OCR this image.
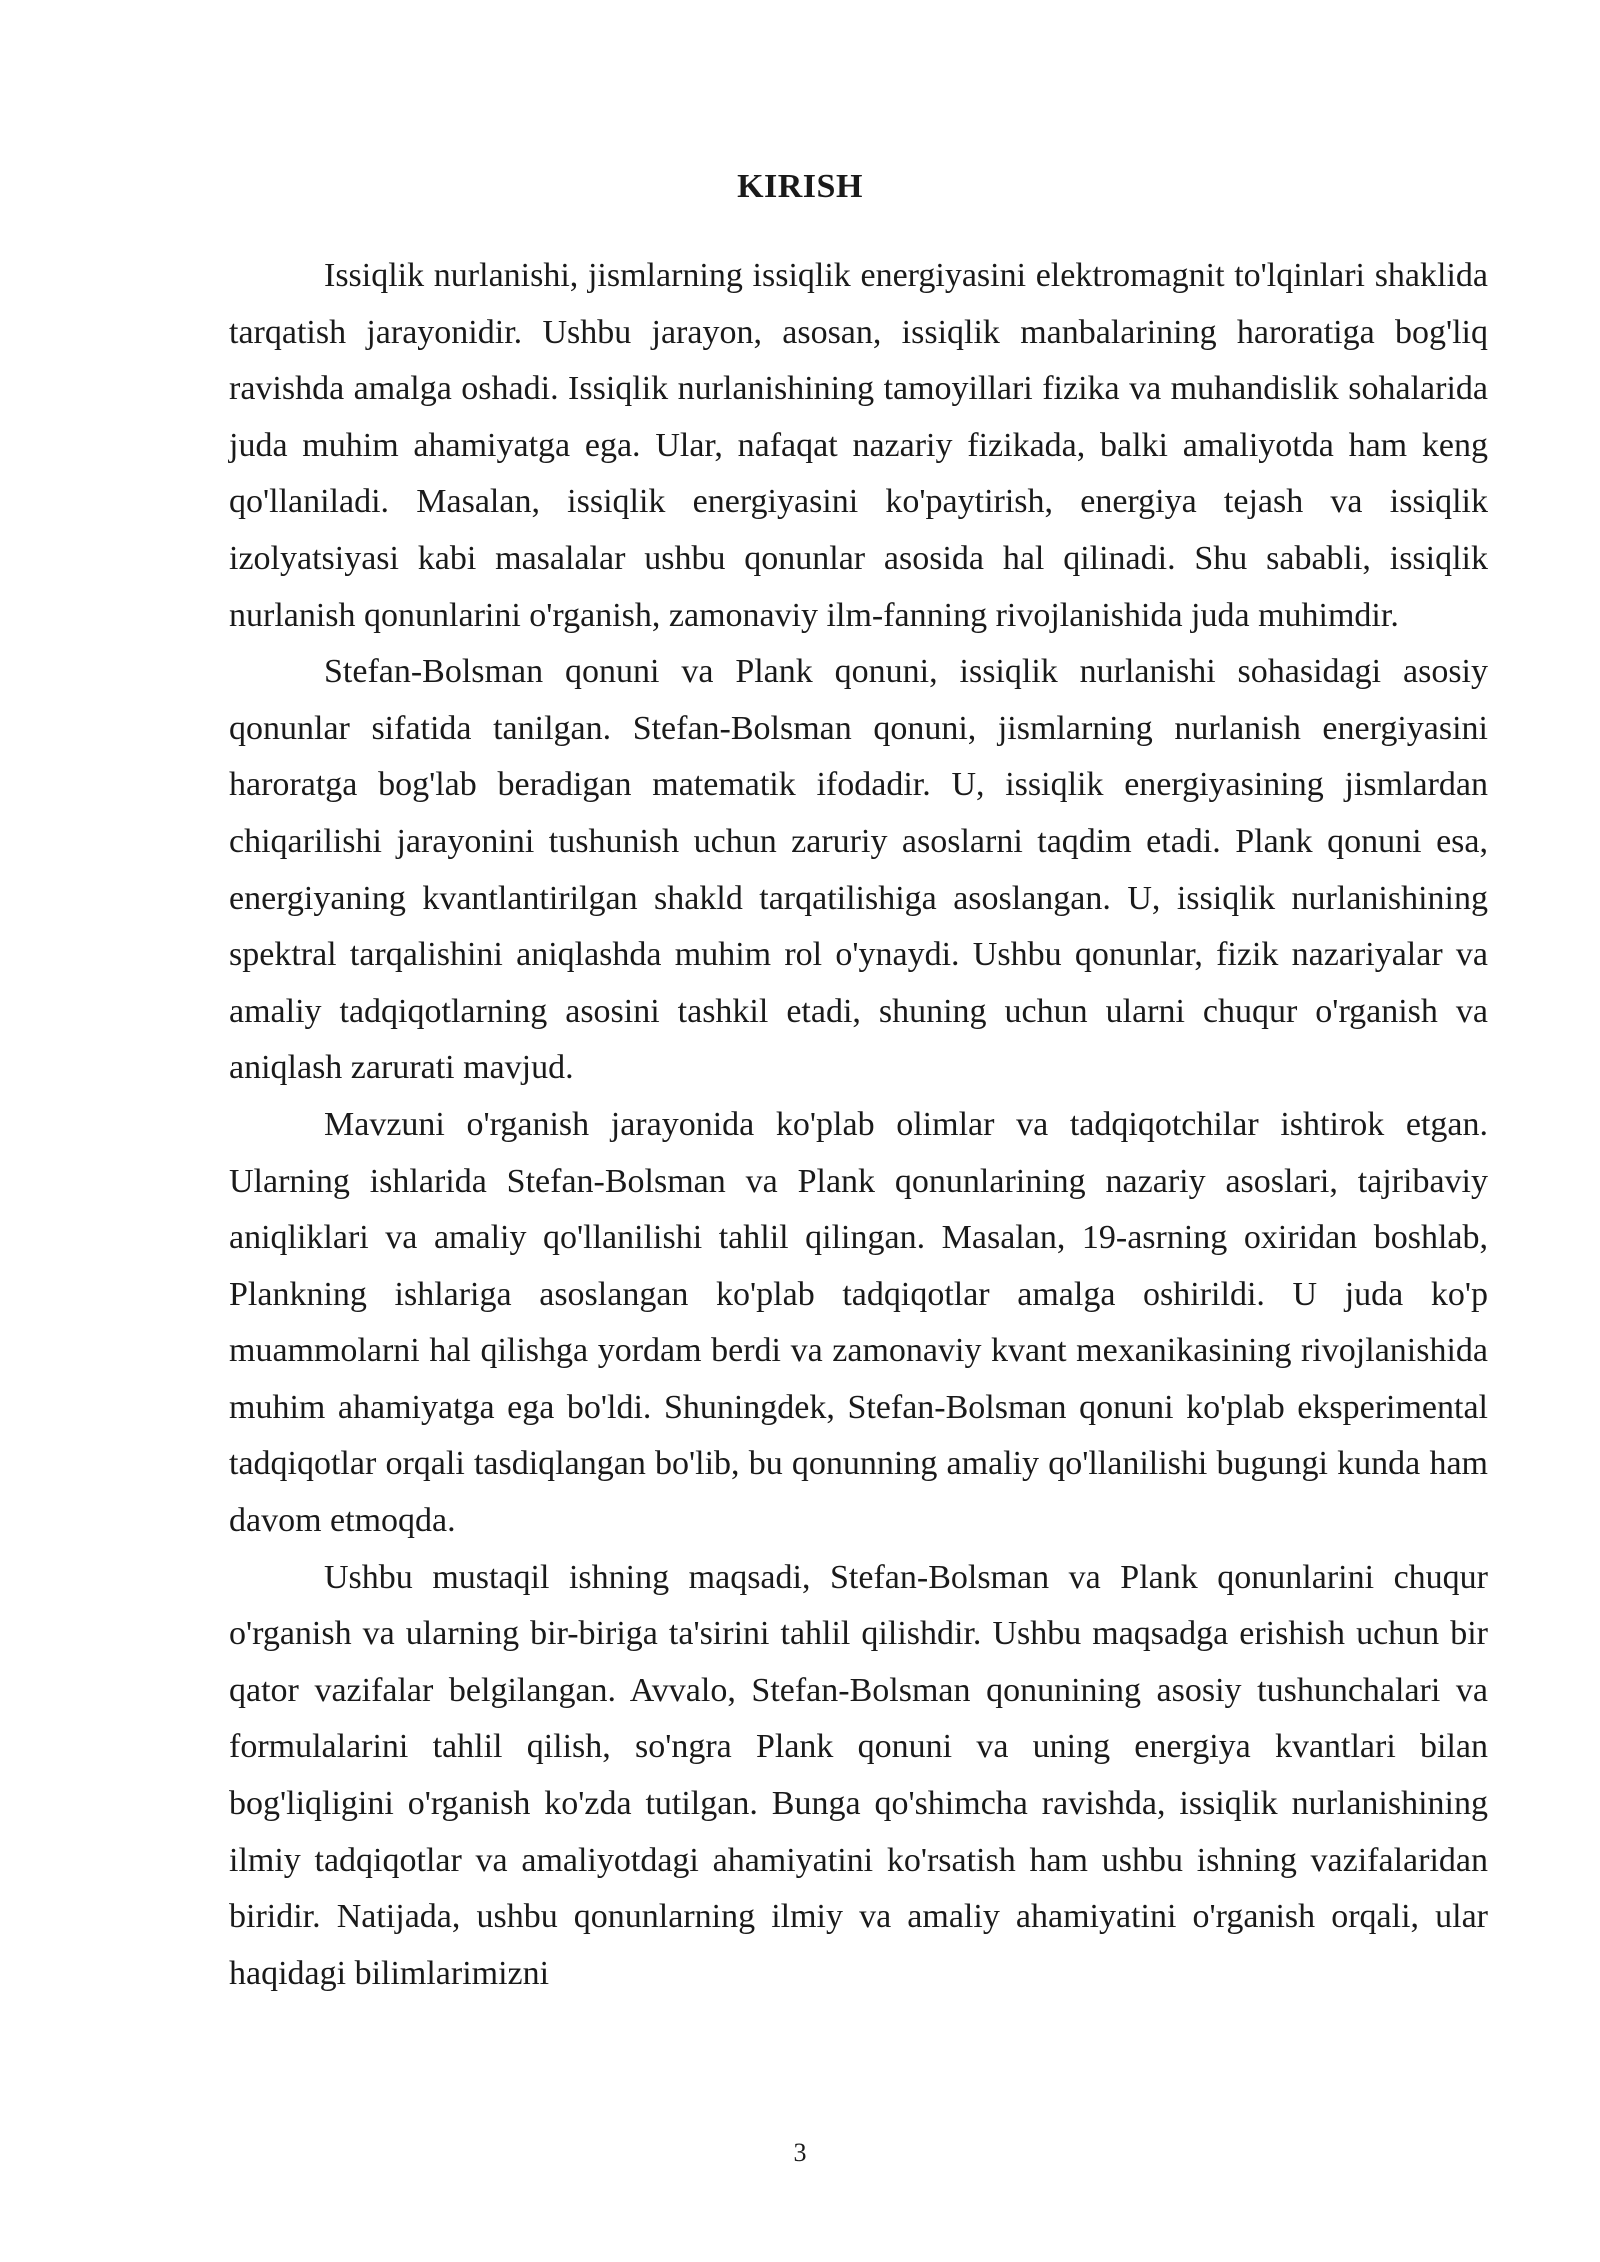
KIRISH

Issiqlik nurlanishi, jismlarning issiqlik energiyasini elektromagnit to'lqinlari shaklida tarqatish jarayonidir. Ushbu jarayon, asosan, issiqlik manbalarining haroratiga bog'liq ravishda amalga oshadi. Issiqlik nurlanishining tamoyillari fizika va muhandislik sohalarida juda muhim ahamiyatga ega. Ular, nafaqat nazariy fizikada, balki amaliyotda ham keng qo'llaniladi. Masalan, issiqlik energiyasini ko'paytirish, energiya tejash va issiqlik izolyatsiyasi kabi masalalar ushbu qonunlar asosida hal qilinadi. Shu sababli, issiqlik nurlanish qonunlarini o'rganish, zamonaviy ilm-fanning rivojlanishida juda muhimdir.

Stefan-Bolsman qonuni va Plank qonuni, issiqlik nurlanishi sohasidagi asosiy qonunlar sifatida tanilgan. Stefan-Bolsman qonuni, jismlarning nurlanish energiyasini haroratga bog'lab beradigan matematik ifodadir. U, issiqlik energiyasining jismlardan chiqarilishi jarayonini tushunish uchun zaruriy asoslarni taqdim etadi. Plank qonuni esa, energiyaning kvantlantirilgan shakld tarqatilishiga asoslangan. U, issiqlik nurlanishining spektral tarqalishini aniqlashda muhim rol o'ynaydi. Ushbu qonunlar, fizik nazariyalar va amaliy tadqiqotlarning asosini tashkil etadi, shuning uchun ularni chuqur o'rganish va aniqlash zarurati mavjud.

Mavzuni o'rganish jarayonida ko'plab olimlar va tadqiqotchilar ishtirok etgan. Ularning ishlarida Stefan-Bolsman va Plank qonunlarining nazariy asoslari, tajribaviy aniqliklari va amaliy qo'llanilishi tahlil qilingan. Masalan, 19-asrning oxiridan boshlab, Plankning ishlariga asoslangan ko'plab tadqiqotlar amalga oshirildi. U juda ko'p muammolarni hal qilishga yordam berdi va zamonaviy kvant mexanikasining rivojlanishida muhim ahamiyatga ega bo'ldi. Shuningdek, Stefan-Bolsman qonuni ko'plab eksperimental tadqiqotlar orqali tasdiqlangan bo'lib, bu qonunning amaliy qo'llanilishi bugungi kunda ham davom etmoqda.

Ushbu mustaqil ishning maqsadi, Stefan-Bolsman va Plank qonunlarini chuqur o'rganish va ularning bir-biriga ta'sirini tahlil qilishdir. Ushbu maqsadga erishish uchun bir qator vazifalar belgilangan. Avvalo, Stefan-Bolsman qonunining asosiy tushunchalari va formulalarini tahlil qilish, so'ngra Plank qonuni va uning energiya kvantlari bilan bog'liqligini o'rganish ko'zda tutilgan. Bunga qo'shimcha ravishda, issiqlik nurlanishining ilmiy tadqiqotlar va amaliyotdagi ahamiyatini ko'rsatish ham ushbu ishning vazifalaridan biridir. Natijada, ushbu qonunlarning ilmiy va amaliy ahamiyatini o'rganish orqali, ular haqidagi bilimlarimizni

3
